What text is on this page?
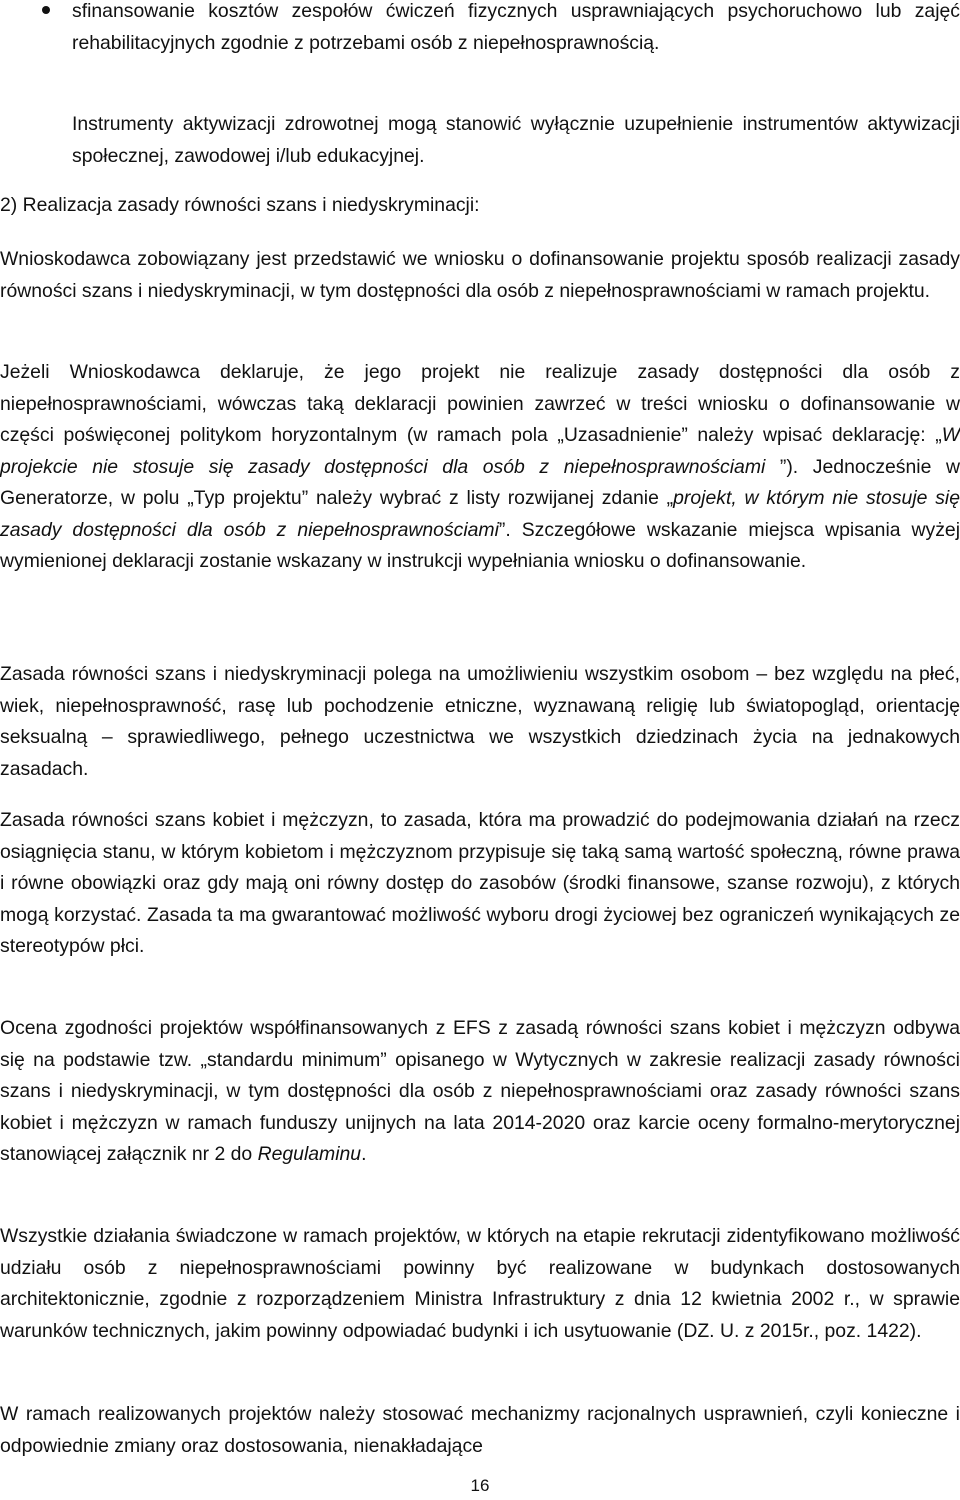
sfinansowanie kosztów zespołów ćwiczeń fizycznych usprawniających psychoruchowo lub zajęć rehabilitacyjnych zgodnie z potrzebami osób z niepełnosprawnością.

Instrumenty aktywizacji zdrowotnej mogą stanowić wyłącznie uzupełnienie instrumentów aktywizacji społecznej, zawodowej i/lub edukacyjnej.

2) Realizacja zasady równości szans i niedyskryminacji:

Wnioskodawca zobowiązany jest przedstawić we wniosku o dofinansowanie projektu sposób realizacji zasady równości szans i niedyskryminacji, w tym dostępności dla osób z niepełnosprawnościami w ramach projektu.

Jeżeli Wnioskodawca deklaruje, że jego projekt nie realizuje zasady dostępności dla osób z niepełnosprawnościami, wówczas taką deklaracji powinien zawrzeć w treści wniosku o dofinansowanie w części poświęconej politykom horyzontalnym (w ramach pola „Uzasadnienie” należy wpisać deklarację: „W projekcie nie stosuje się zasady dostępności dla osób z niepełnosprawnościami ”). Jednocześnie w Generatorze, w polu „Typ projektu” należy wybrać z listy rozwijanej zdanie „projekt, w którym nie stosuje się zasady dostępności dla osób z niepełnosprawnościami”. Szczegółowe wskazanie miejsca wpisania wyżej wymienionej deklaracji zostanie wskazany w instrukcji wypełniania wniosku o dofinansowanie.

Zasada równości szans i niedyskryminacji polega na umożliwieniu wszystkim osobom – bez względu na płeć, wiek, niepełnosprawność, rasę lub pochodzenie etniczne, wyznawaną religię lub światopogląd, orientację seksualną – sprawiedliwego, pełnego uczestnictwa we wszystkich dziedzinach życia na jednakowych zasadach.

Zasada równości szans kobiet i mężczyzn, to zasada, która ma prowadzić do podejmowania działań na rzecz osiągnięcia stanu, w którym kobietom i mężczyznom przypisuje się taką samą wartość społeczną, równe prawa i równe obowiązki oraz gdy mają oni równy dostęp do zasobów (środki finansowe, szanse rozwoju), z których mogą korzystać. Zasada ta ma gwarantować możliwość wyboru drogi życiowej bez ograniczeń wynikających ze stereotypów płci.

Ocena zgodności projektów współfinansowanych z EFS z zasadą równości szans kobiet i mężczyzn odbywa się na podstawie tzw. „standardu minimum” opisanego w Wytycznych w zakresie realizacji zasady równości szans i niedyskryminacji, w tym dostępności dla osób z niepełnosprawnościami oraz zasady równości szans kobiet i mężczyzn w ramach funduszy unijnych na lata 2014-2020 oraz karcie oceny formalno-merytorycznej stanowiącej załącznik nr 2 do Regulaminu.

Wszystkie działania świadczone w ramach projektów, w których na etapie rekrutacji zidentyfikowano możliwość udziału osób z niepełnosprawnościami powinny być realizowane w budynkach dostosowanych architektonicznie, zgodnie z rozporządzeniem Ministra Infrastruktury z dnia 12 kwietnia 2002 r., w sprawie warunków technicznych, jakim powinny odpowiadać budynki i ich usytuowanie (DZ. U. z 2015r., poz. 1422).

W ramach realizowanych projektów należy stosować mechanizmy racjonalnych usprawnień, czyli konieczne i odpowiednie zmiany oraz dostosowania, nienakładające

16
